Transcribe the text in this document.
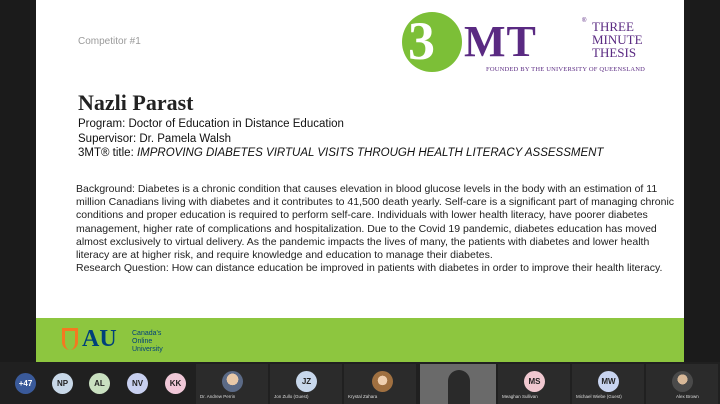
Competitor #1	3 MT	® THREE
MINUTE
THESIS
FOUNDED BY THE UNIVERSITY OF QUEENSLAND
Nazli Parast
Program: Doctor of Education in Distance Education
Supervisor: Dr. Pamela Walsh
3MT® title: IMPROVING DIABETES VIRTUAL VISITS THROUGH HEALTH LITERACY ASSESSMENT
Background: Diabetes is a chronic condition that causes elevation in blood glucose levels in the body with an estimation of 11 million Canadians living with diabetes and it contributes to 41,500 death yearly. Self-care is a significant part of managing chronic conditions and proper education is required to perform self-care. Individuals with lower health literacy, have poorer diabetes management, higher rate of complications and hospitalization. Due to the Covid 19 pandemic, diabetes education has moved almost exclusively to virtual delivery. As the pandemic impacts the lives of many, the patients with diabetes and lower health literacy are at higher risk, and require knowledge and education to manage their diabetes.
Research Question: How can distance education be improved in patients with diabetes in order to improve their health literacy.
AU Canada's
Online
University
+47	NP	AL	NV	KK
Dr. Andrew Perrin
JZ
Jon Zullo (Guest)	Krystal Zahara
MS
Meaghan Sullivan
MW
Michael Wiebe (Guest)	Alex Brown
